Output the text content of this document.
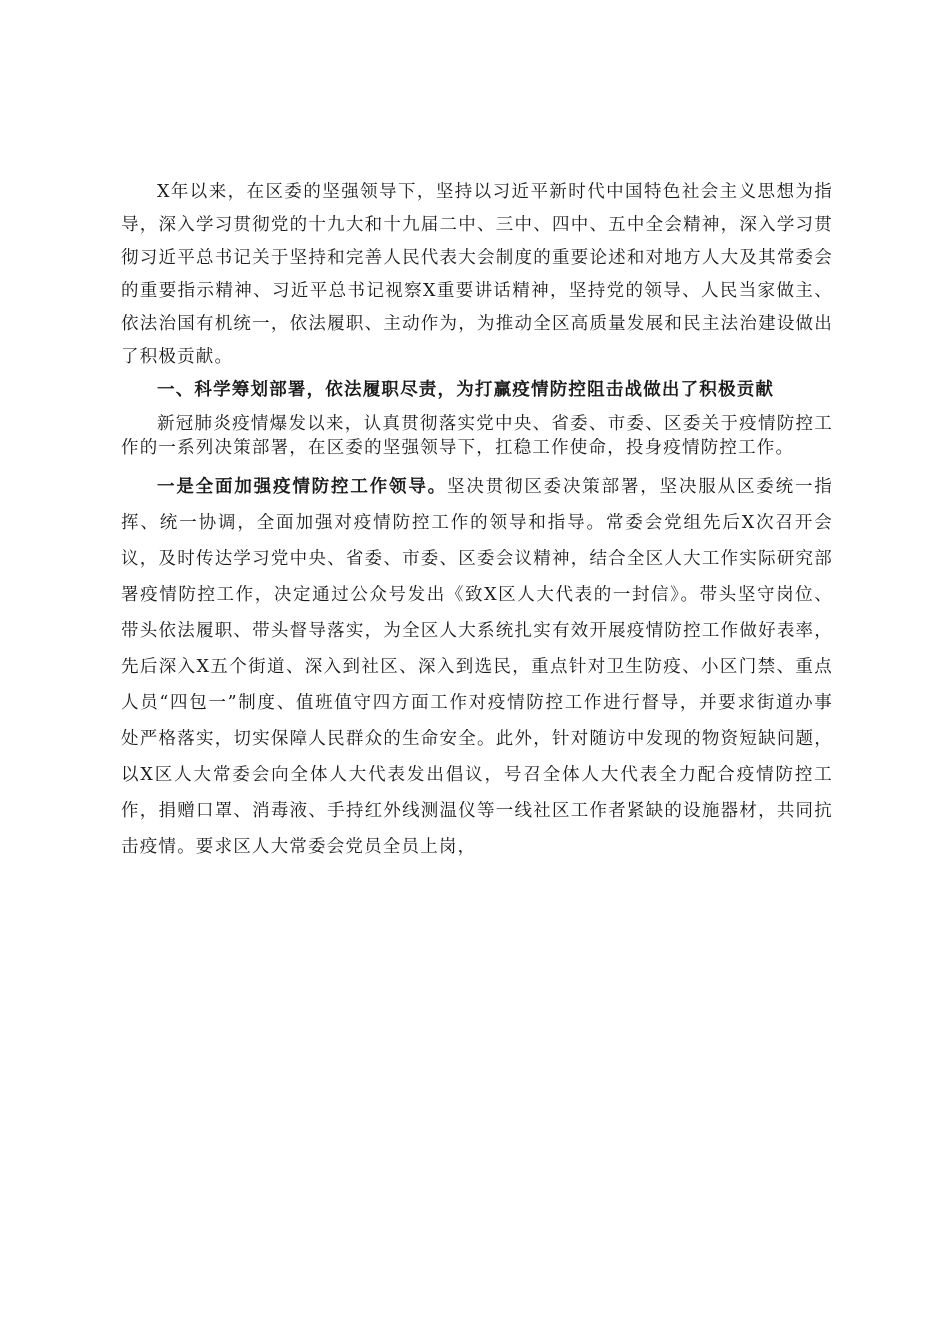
X年以来，在区委的坚强领导下，坚持以习近平新时代中国特色社会主义思想为指导，深入学习贯彻党的十九大和十九届二中、三中、四中、五中全会精神，深入学习贯彻习近平总书记关于坚持和完善人民代表大会制度的重要论述和对地方人大及其常委会的重要指示精神、习近平总书记视察X重要讲话精神，坚持党的领导、人民当家做主、依法治国有机统一，依法履职、主动作为，为推动全区高质量发展和民主法治建设做出了积极贡献。

一、科学筹划部署，依法履职尽责，为打赢疫情防控阻击战做出了积极贡献

新冠肺炎疫情爆发以来，认真贯彻落实党中央、省委、市委、区委关于疫情防控工作的一系列决策部署，在区委的坚强领导下，扛稳工作使命，投身疫情防控工作。

一是全面加强疫情防控工作领导。坚决贯彻区委决策部署，坚决服从区委统一指挥、统一协调，全面加强对疫情防控工作的领导和指导。常委会党组先后X次召开会议，及时传达学习党中央、省委、市委、区委会议精神，结合全区人大工作实际研究部署疫情防控工作，决定通过公众号发出《致X区人大代表的一封信》。带头坚守岗位、带头依法履职、带头督导落实，为全区人大系统扎实有效开展疫情防控工作做好表率，先后深入X五个街道、深入到社区、深入到选民，重点针对卫生防疫、小区门禁、重点人员“四包一”制度、值班值守四方面工作对疫情防控工作进行督导，并要求街道办事处严格落实，切实保障人民群众的生命安全。此外，针对随访中发现的物资短缺问题，以X区人大常委会向全体人大代表发出倡议，号召全体人大代表全力配合疫情防控工作，捐赠口罩、消毒液、手持红外线测温仪等一线社区工作者紧缺的设施器材，共同抗击疫情。要求区人大常委会党员全员上岗，
